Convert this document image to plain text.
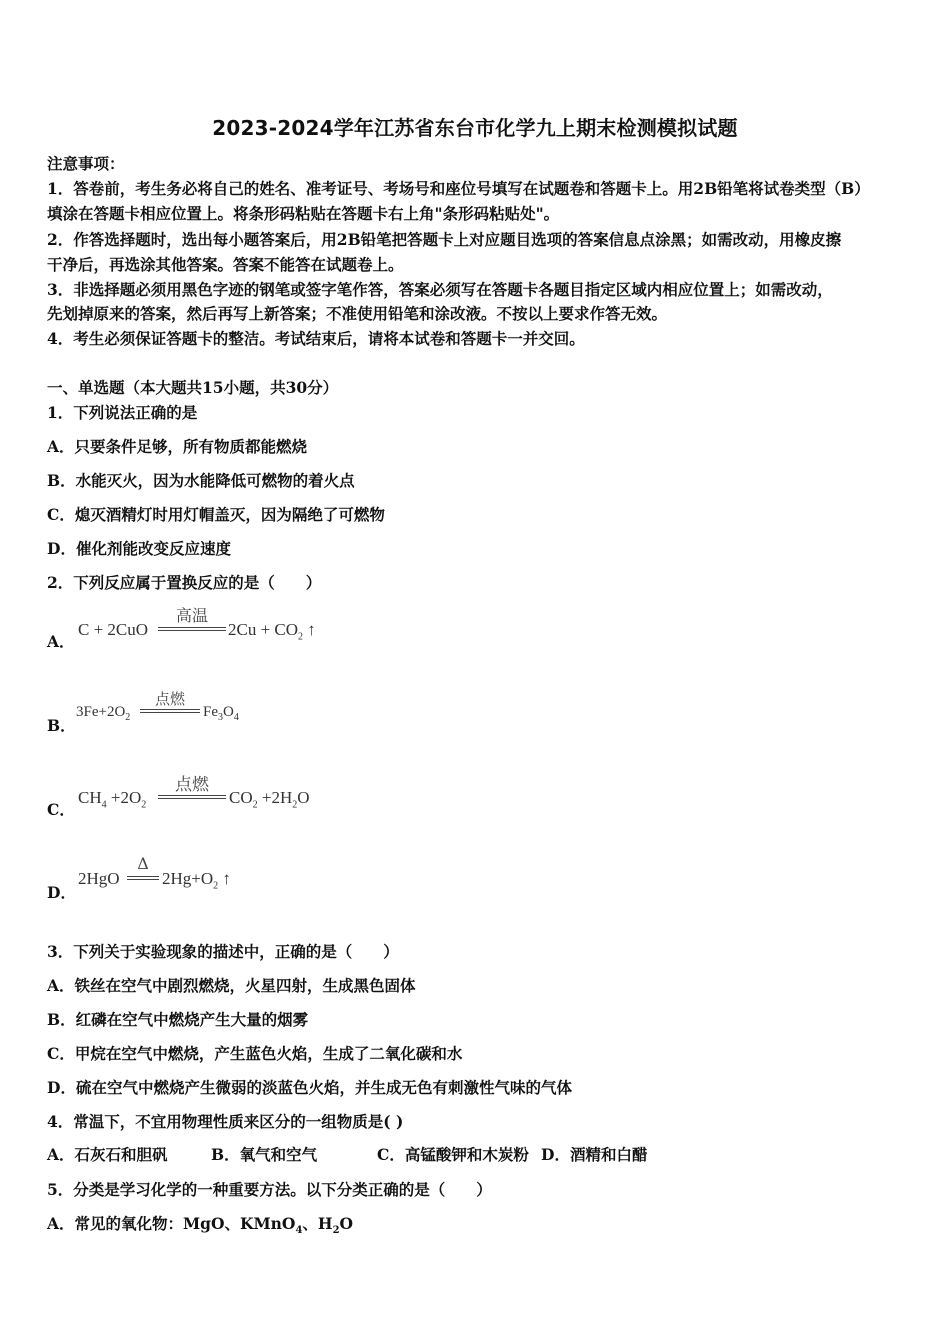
2023-2024学年江苏省东台市化学九上期末检测模拟试题
注意事项：
1．答卷前，考生务必将自己的姓名、准考证号、考场号和座位号填写在试题卷和答题卡上。用2B铅笔将试卷类型（B）
填涂在答题卡相应位置上。将条形码粘贴在答题卡右上角"条形码粘贴处"。
2．作答选择题时，选出每小题答案后，用2B铅笔把答题卡上对应题目选项的答案信息点涂黑；如需改动，用橡皮擦
干净后，再选涂其他答案。答案不能答在试题卷上。
3．非选择题必须用黑色字迹的钢笔或签字笔作答，答案必须写在答题卡各题目指定区域内相应位置上；如需改动，
先划掉原来的答案，然后再写上新答案；不准使用铅笔和涂改液。不按以上要求作答无效。
4．考生必须保证答题卡的整洁。考试结束后，请将本试卷和答题卡一并交回。
一、单选题（本大题共15小题，共30分）
1．下列说法正确的是
A．只要条件足够，所有物质都能燃烧
B．水能灭火，因为水能降低可燃物的着火点
C．熄灭酒精灯时用灯帽盖灭，因为隔绝了可燃物
D．催化剂能改变反应速度
2．下列反应属于置换反应的是（　　）
A．
C + 2CuO
高温
$2Cu + CO_2$ ↑
B．
$3Fe+2O_2$
点燃
$Fe_3O_4$
C．
$CH_4 +2O_2$
点燃
$CO_2 +2H_2O$
D．
2HgO
Δ
$2Hg+O_2$ ↑
3．下列关于实验现象的描述中，正确的是（　　）
A．铁丝在空气中剧烈燃烧，火星四射，生成黑色固体
B．红磷在空气中燃烧产生大量的烟雾
C．甲烷在空气中燃烧，产生蓝色火焰，生成了二氧化碳和水
D．硫在空气中燃烧产生微弱的淡蓝色火焰，并生成无色有刺激性气味的气体
4．常温下，不宜用物理性质来区分的一组物质是( )
A．石灰石和胆矾	B．氧气和空气	C．高锰酸钾和木炭粉 D．酒精和白醋
5．分类是学习化学的一种重要方法。以下分类正确的是（　　）
A．常见的氧化物：MgO、KMnO$_4$、$H_2O$
